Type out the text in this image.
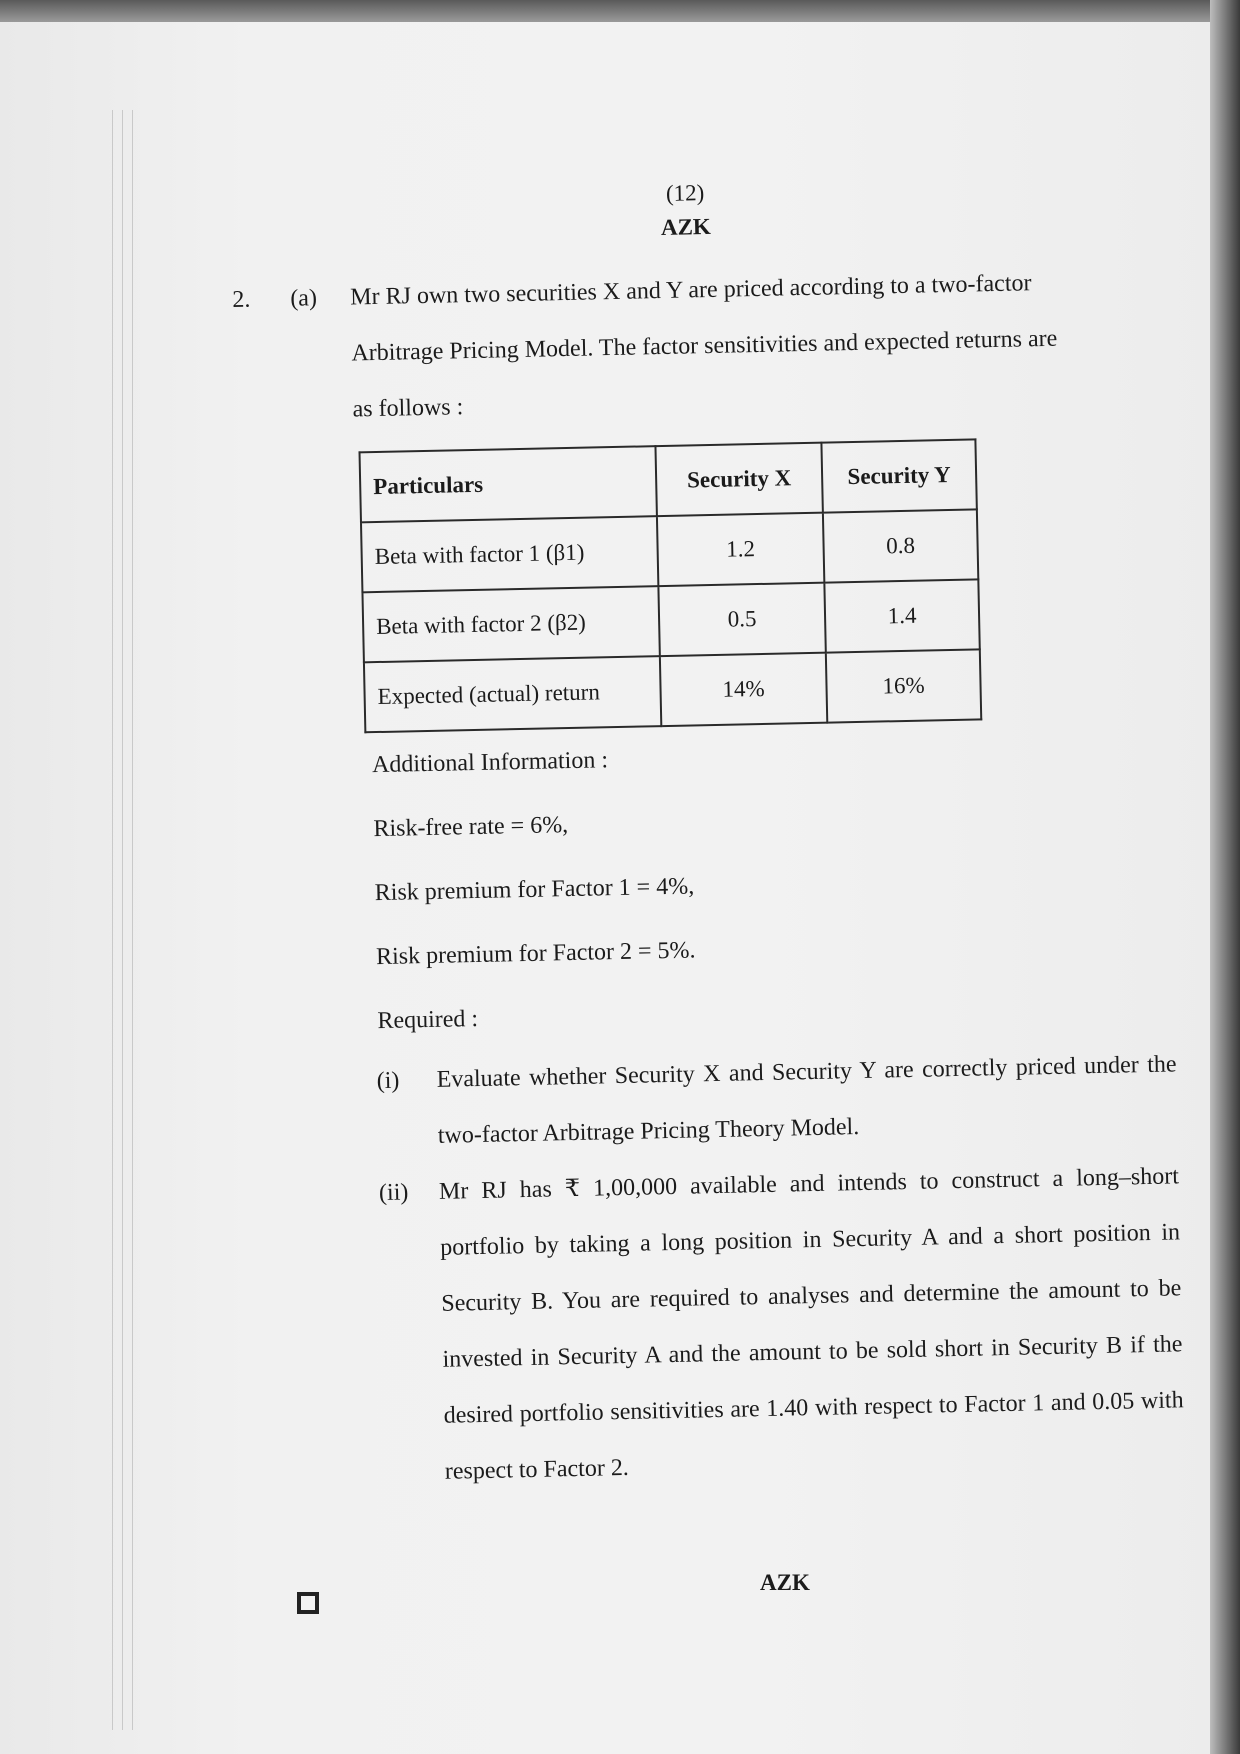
(12)
AZK
2.	(a)	Mr RJ own two securities X and Y are priced according to a two-factor
Arbitrage Pricing Model. The factor sensitivities and expected returns are
as follows :
Particulars	Security X	Security Y
Beta with factor 1 (β1)	1.2	0.8
Beta with factor 2 (β2)	0.5	1.4
Expected (actual) return	14%	16%
Additional Information :
Risk-free rate = 6%,
Risk premium for Factor 1 = 4%,
Risk premium for Factor 2 = 5%.
Required :
(i)	Evaluate whether Security X and Security Y are correctly priced under the two-factor Arbitrage Pricing Theory Model.
(ii)	Mr RJ has ₹ 1,00,000 available and intends to construct a long–short portfolio by taking a long position in Security A and a short position in Security B. You are required to analyses and determine the amount to be invested in Security A and the amount to be sold short in Security B if the desired portfolio sensitivities are 1.40 with respect to Factor 1 and 0.05 with respect to Factor 2.
AZK
